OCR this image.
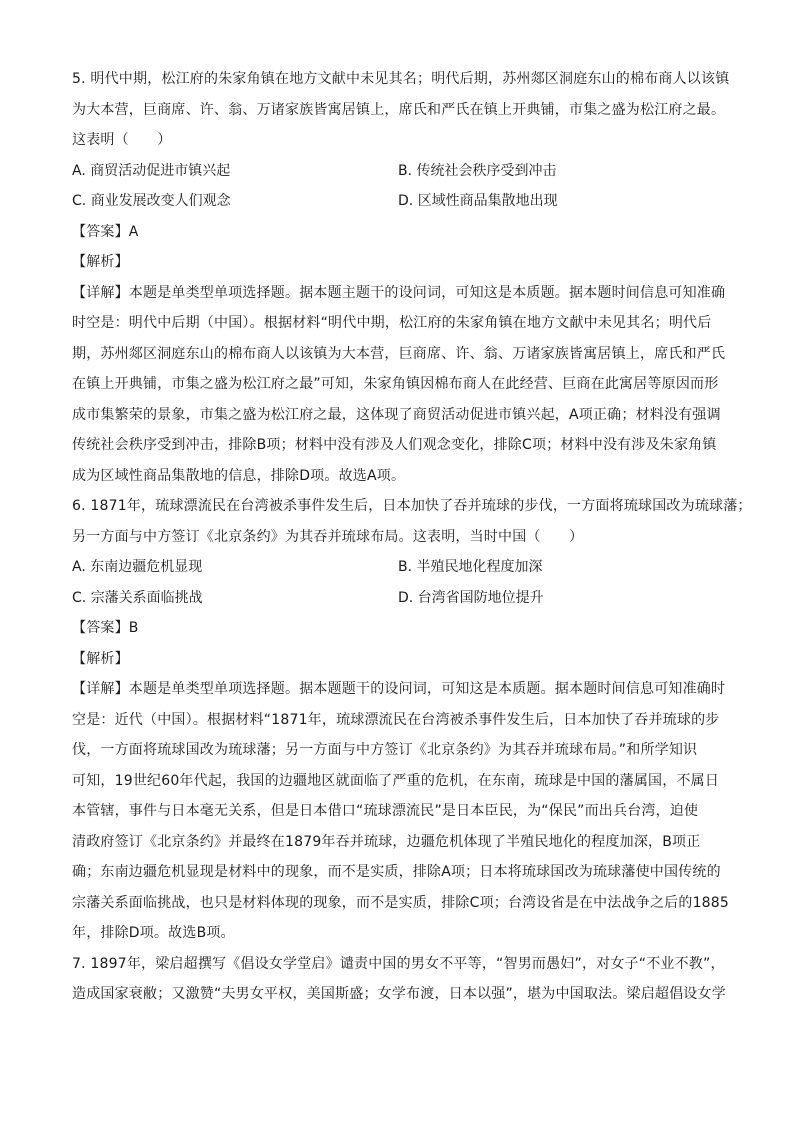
5. 明代中期，松江府的朱家角镇在地方文献中未见其名；明代后期，苏州郯区洞庭东山的棉布商人以该镇
为大本营，巨商席、许、翁、万诸家族皆寓居镇上，席氏和严氏在镇上开典铺，市集之盛为松江府之最。
这表明（　　）
A. 商贸活动促进市镇兴起	B. 传统社会秩序受到冲击
C. 商业发展改变人们观念	D. 区域性商品集散地出现
【答案】A
【解析】
【详解】本题是单类型单项选择题。据本题主题干的设问词，可知这是本质题。据本题时间信息可知准确
时空是：明代中后期（中国）。根据材料“明代中期，松江府的朱家角镇在地方文献中未见其名；明代后
期，苏州郯区洞庭东山的棉布商人以该镇为大本营，巨商席、许、翁、万诸家族皆寓居镇上，席氏和严氏
在镇上开典铺，市集之盛为松江府之最”可知，朱家角镇因棉布商人在此经营、巨商在此寓居等原因而形
成市集繁荣的景象，市集之盛为松江府之最，这体现了商贸活动促进市镇兴起，A项正确；材料没有强调
传统社会秩序受到冲击，排除B项；材料中没有涉及人们观念变化，排除C项；材料中没有涉及朱家角镇
成为区域性商品集散地的信息，排除D项。故选A项。
6. 1871年，琉球漂流民在台湾被杀事件发生后，日本加快了吞并琉球的步伐，一方面将琉球国改为琉球藩；
另一方面与中方签订《北京条约》为其吞并琉球布局。这表明，当时中国（　　）
A. 东南边疆危机显现	B. 半殖民地化程度加深
C. 宗藩关系面临挑战	D. 台湾省国防地位提升
【答案】B
【解析】
【详解】本题是单类型单项选择题。据本题题干的设问词，可知这是本质题。据本题时间信息可知准确时
空是：近代（中国）。根据材料“1871年，琉球漂流民在台湾被杀事件发生后，日本加快了吞并琉球的步
伐，一方面将琉球国改为琉球藩；另一方面与中方签订《北京条约》为其吞并琉球布局。”和所学知识
可知，19世纪60年代起，我国的边疆地区就面临了严重的危机，在东南，琉球是中国的藩属国，不属日
本管辖，事件与日本毫无关系，但是日本借口“琉球漂流民”是日本臣民，为“保民”而出兵台湾，迫使
清政府签订《北京条约》并最终在1879年吞并琉球，边疆危机体现了半殖民地化的程度加深，B项正
确；东南边疆危机显现是材料中的现象，而不是实质，排除A项；日本将琉球国改为琉球藩使中国传统的
宗藩关系面临挑战，也只是材料体现的现象，而不是实质，排除C项；台湾设省是在中法战争之后的1885
年，排除D项。故选B项。
7. 1897年，梁启超撰写《倡设女学堂启》谴责中国的男女不平等，“智男而愚妇”，对女子“不业不教”，
造成国家衰敝；又激赞“夫男女平权，美国斯盛；女学布渡，日本以强”，堪为中国取法。梁启超倡设女学
